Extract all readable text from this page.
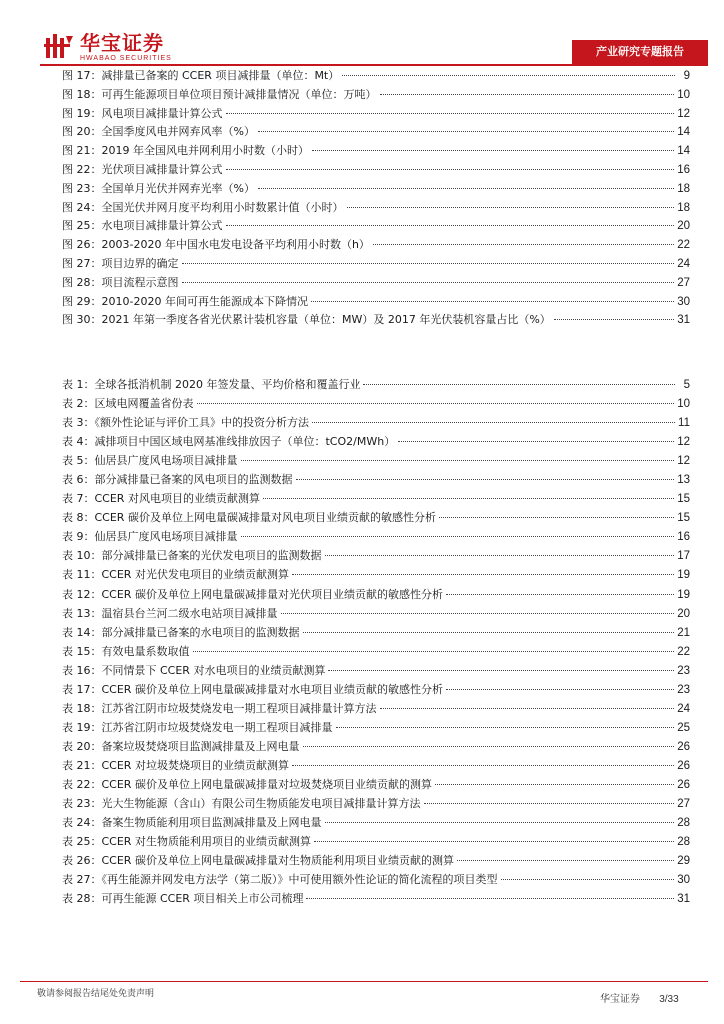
华宝证券
HWABAO SECURITIES
产业研究专题报告
图 17：减排量已备案的 CCER 项目减排量（单位：Mt）	9
图 18：可再生能源项目单位项目预计减排量情况（单位：万吨）	10
图 19：风电项目减排量计算公式	12
图 20：全国季度风电并网弃风率（%）	14
图 21：2019 年全国风电并网利用小时数（小时）	14
图 22：光伏项目减排量计算公式	16
图 23：全国单月光伏并网弃光率（%）	18
图 24：全国光伏并网月度平均利用小时数累计值（小时）	18
图 25：水电项目减排量计算公式	20
图 26：2003-2020 年中国水电发电设备平均利用小时数（h）	22
图 27：项目边界的确定	24
图 28：项目流程示意图	27
图 29：2010-2020 年间可再生能源成本下降情况	30
图 30：2021 年第一季度各省光伏累计装机容量（单位：MW）及 2017 年光伏装机容量占比（%）	31
表 1：全球各抵消机制 2020 年签发量、平均价格和覆盖行业	5
表 2：区域电网覆盖省份表	10
表 3：《额外性论证与评价工具》中的投资分析方法	11
表 4：减排项目中国区域电网基准线排放因子（单位：tCO2/MWh）	12
表 5：仙居县广度风电场项目减排量	12
表 6：部分减排量已备案的风电项目的监测数据	13
表 7：CCER 对风电项目的业绩贡献测算	15
表 8：CCER 碳价及单位上网电量碳减排量对风电项目业绩贡献的敏感性分析	15
表 9：仙居县广度风电场项目减排量	16
表 10：部分减排量已备案的光伏发电项目的监测数据	17
表 11：CCER 对光伏发电项目的业绩贡献测算	19
表 12：CCER 碳价及单位上网电量碳减排量对光伏项目业绩贡献的敏感性分析	19
表 13：温宿县台兰河二级水电站项目减排量	20
表 14：部分减排量已备案的水电项目的监测数据	21
表 15：有效电量系数取值	22
表 16：不同情景下 CCER 对水电项目的业绩贡献测算	23
表 17：CCER 碳价及单位上网电量碳减排量对水电项目业绩贡献的敏感性分析	23
表 18：江苏省江阴市垃圾焚烧发电一期工程项目减排量计算方法	24
表 19：江苏省江阴市垃圾焚烧发电一期工程项目减排量	25
表 20：备案垃圾焚烧项目监测减排量及上网电量	26
表 21：CCER 对垃圾焚烧项目的业绩贡献测算	26
表 22：CCER 碳价及单位上网电量碳减排量对垃圾焚烧项目业绩贡献的测算	26
表 23：光大生物能源（含山）有限公司生物质能发电项目减排量计算方法	27
表 24：备案生物质能利用项目监测减排量及上网电量	28
表 25：CCER 对生物质能利用项目的业绩贡献测算	28
表 26：CCER 碳价及单位上网电量碳减排量对生物质能利用项目业绩贡献的测算	29
表 27：《再生能源并网发电方法学（第二版）》中可使用额外性论证的简化流程的项目类型	30
表 28：可再生能源 CCER 项目相关上市公司梳理	31
敬请参阅报告结尾处免责声明	华宝证券 3/33
